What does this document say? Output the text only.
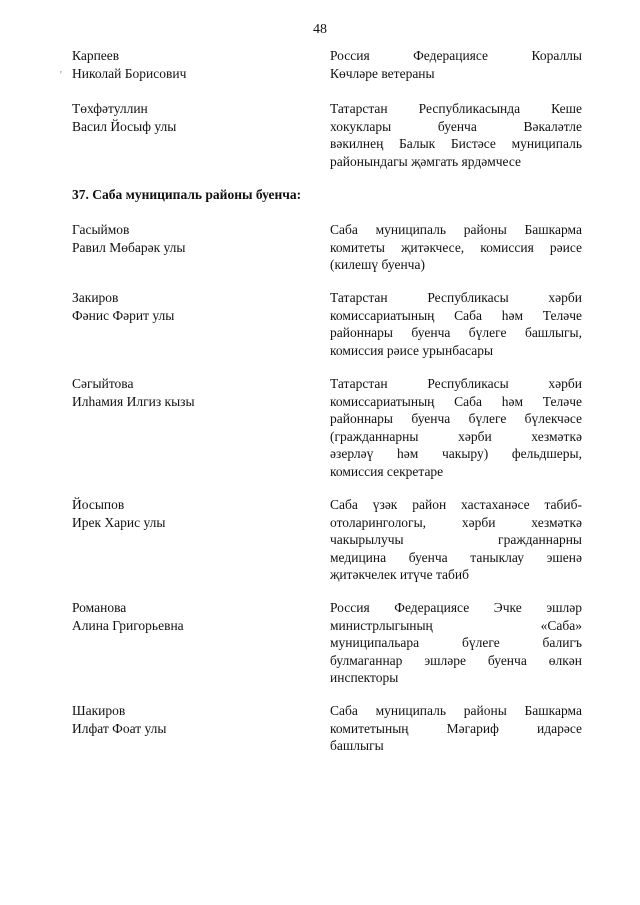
48
'
Карпеев
Николай Борисович
Россия Федерациясе Кораллы
Көчләре ветераны
Төхфәтуллин
Васил Йосыф улы
Татарстан Республикасында Кеше
хокуклары буенча Вәкаләтле
вәкилнең Балык Бистәсе муниципаль
районындагы җәмгать ярдәмчесе
37. Саба муниципаль районы буенча:
Гасыймов
Равил Мөбарәк улы
Саба муниципаль районы Башкарма
комитеты җитәкчесе, комиссия рәисе
(килешү буенча)
Закиров
Фәнис Фәрит улы
Татарстан Республикасы хәрби
комиссариатының Саба һәм Теләче
районнары буенча бүлеге башлыгы,
комиссия рәисе урынбасары
Сәгыйтова
Илһамия Илгиз кызы
Татарстан Республикасы хәрби
комиссариатының Саба һәм Теләче
районнары буенча бүлеге бүлекчәсе
(гражданнарны хәрби хезмәткә
әзерләү һәм чакыру) фельдшеры,
комиссия секретаре
Йосыпов
Ирек Харис улы
Саба үзәк район хастаханәсе табиб-
отоларингологы, хәрби хезмәткә
чакырылучы гражданнарны
медицина буенча таныклау эшенә
җитәкчелек итүче табиб
Романова
Алина Григорьевна
Россия Федерациясе Эчке эшләр
министрлыгының «Саба»
муниципальара бүлеге балигъ
булмаганнар эшләре буенча өлкән
инспекторы
Шакиров
Илфат Фоат улы
Саба муниципаль районы Башкарма
комитетының Мәгариф идарәсе
башлыгы
